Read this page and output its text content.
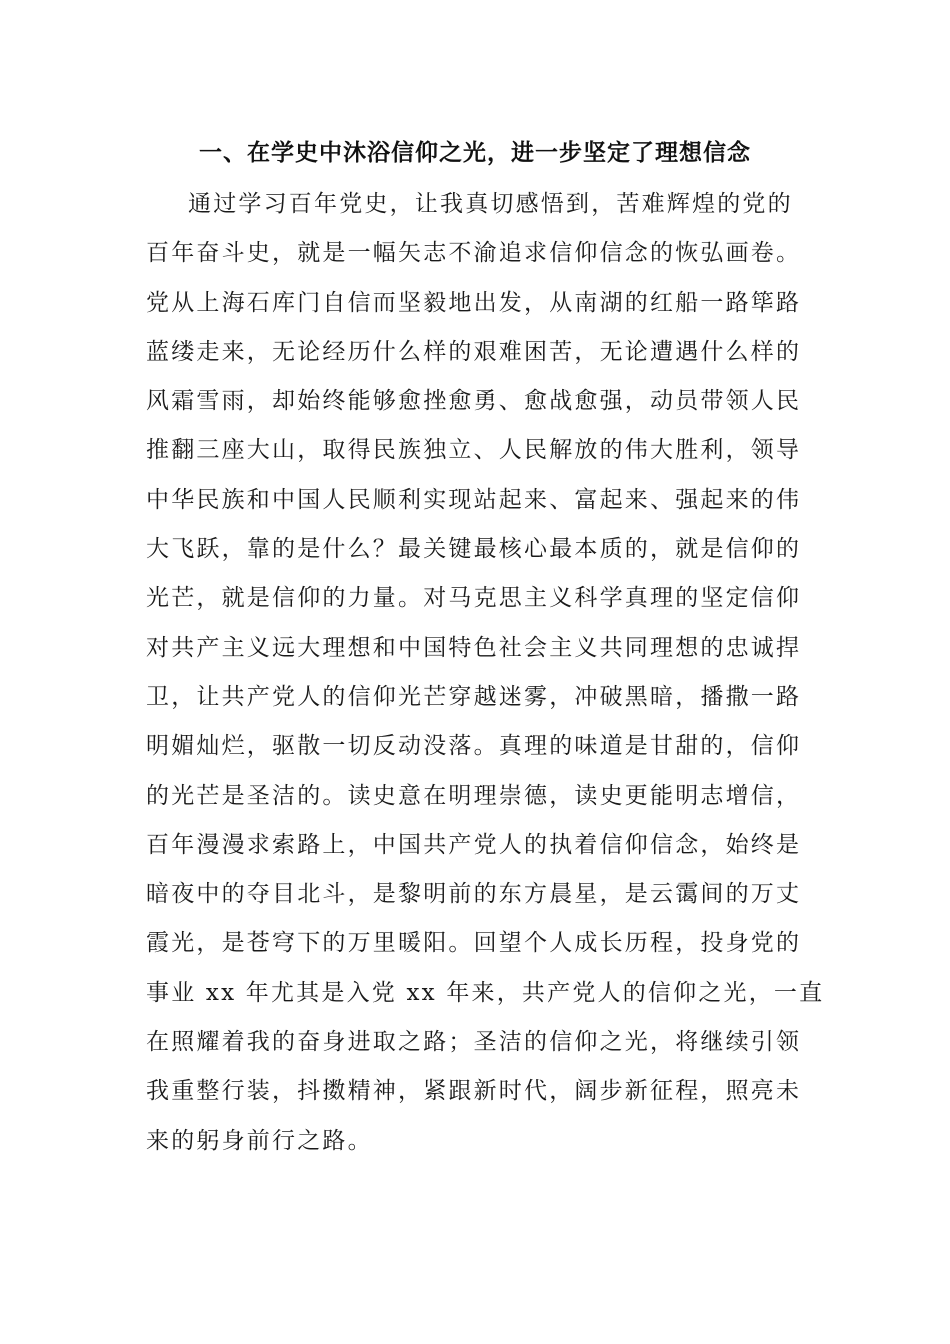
一、在学史中沐浴信仰之光，进一步坚定了理想信念
通过学习百年党史，让我真切感悟到，苦难辉煌的党的
百年奋斗史，就是一幅矢志不渝追求信仰信念的恢弘画卷。
党从上海石库门自信而坚毅地出发，从南湖的红船一路筚路
蓝缕走来，无论经历什么样的艰难困苦，无论遭遇什么样的
风霜雪雨，却始终能够愈挫愈勇、愈战愈强，动员带领人民
推翻三座大山，取得民族独立、人民解放的伟大胜利，领导
中华民族和中国人民顺利实现站起来、富起来、强起来的伟
大飞跃，靠的是什么？最关键最核心最本质的，就是信仰的
光芒，就是信仰的力量。对马克思主义科学真理的坚定信仰
对共产主义远大理想和中国特色社会主义共同理想的忠诚捍
卫，让共产党人的信仰光芒穿越迷雾，冲破黑暗，播撒一路
明媚灿烂，驱散一切反动没落。真理的味道是甘甜的，信仰
的光芒是圣洁的。读史意在明理崇德，读史更能明志增信，
百年漫漫求索路上，中国共产党人的执着信仰信念，始终是
暗夜中的夺目北斗，是黎明前的东方晨星，是云霭间的万丈
霞光，是苍穹下的万里暖阳。回望个人成长历程，投身党的
事业 xx 年尤其是入党 xx 年来，共产党人的信仰之光，一直
在照耀着我的奋身进取之路；圣洁的信仰之光，将继续引领
我重整行装，抖擞精神，紧跟新时代，阔步新征程，照亮未
来的躬身前行之路。
